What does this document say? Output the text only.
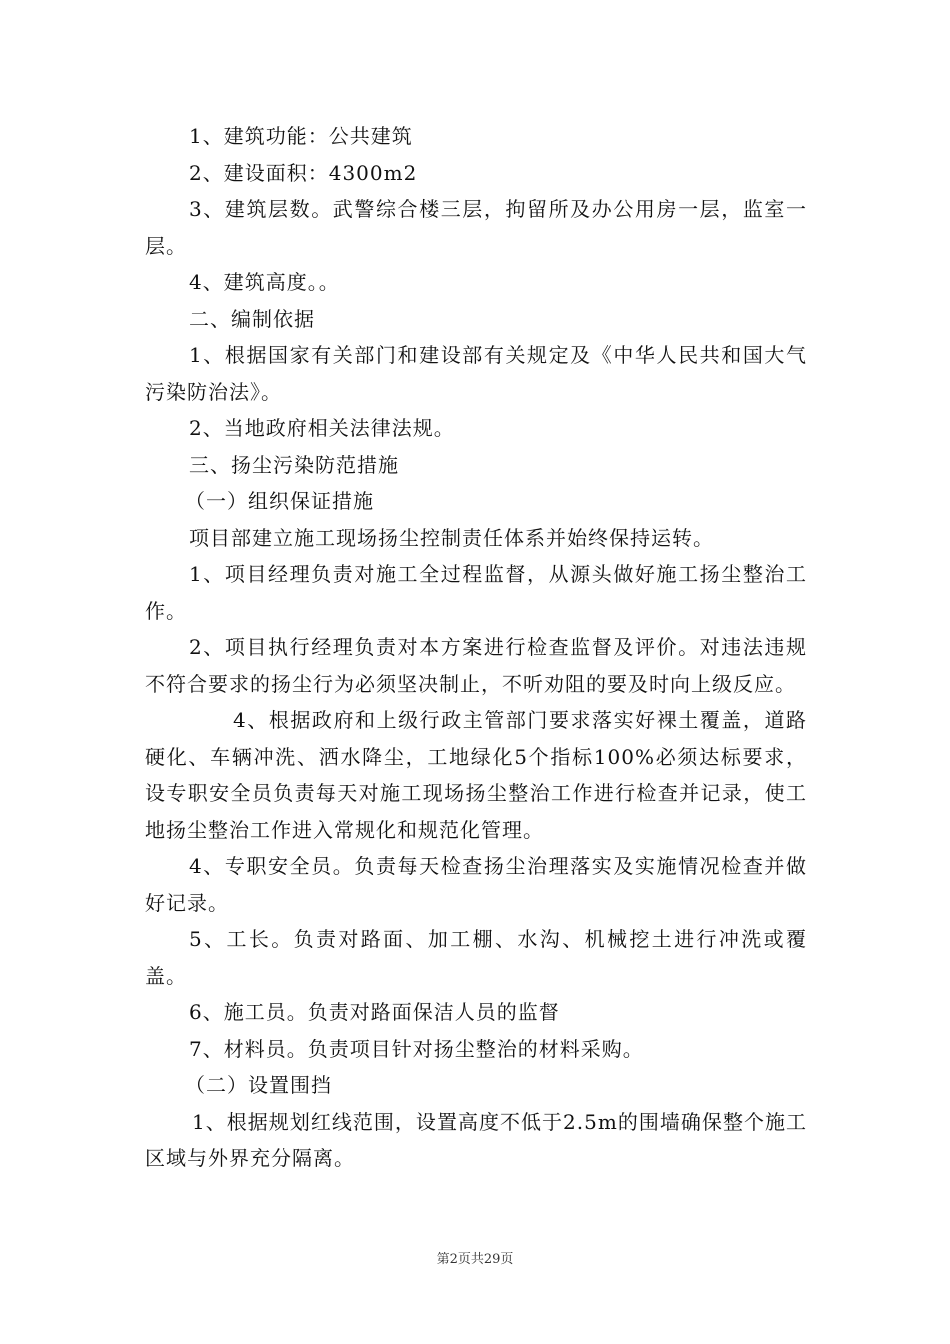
1、建筑功能：公共建筑

2、建设面积：4300m2

3、建筑层数。武警综合楼三层，拘留所及办公用房一层，监室一层。

4、建筑高度。。

二、编制依据

1、根据国家有关部门和建设部有关规定及《中华人民共和国大气污染防治法》。

2、当地政府相关法律法规。

三、扬尘污染防范措施

（一）组织保证措施

项目部建立施工现场扬尘控制责任体系并始终保持运转。

1、项目经理负责对施工全过程监督，从源头做好施工扬尘整治工作。

2、项目执行经理负责对本方案进行检查监督及评价。对违法违规不符合要求的扬尘行为必须坚决制止，不听劝阻的要及时向上级反应。

4、根据政府和上级行政主管部门要求落实好裸土覆盖，道路硬化、车辆冲洗、洒水降尘，工地绿化5个指标100%必须达标要求，设专职安全员负责每天对施工现场扬尘整治工作进行检查并记录，使工地扬尘整治工作进入常规化和规范化管理。

4、专职安全员。负责每天检查扬尘治理落实及实施情况检查并做好记录。

5、工长。负责对路面、加工棚、水沟、机械挖土进行冲洗或覆盖。

6、施工员。负责对路面保洁人员的监督

7、材料员。负责项目针对扬尘整治的材料采购。

（二）设置围挡

1、根据规划红线范围，设置高度不低于2.5m的围墙确保整个施工区域与外界充分隔离。

第2页共29页
